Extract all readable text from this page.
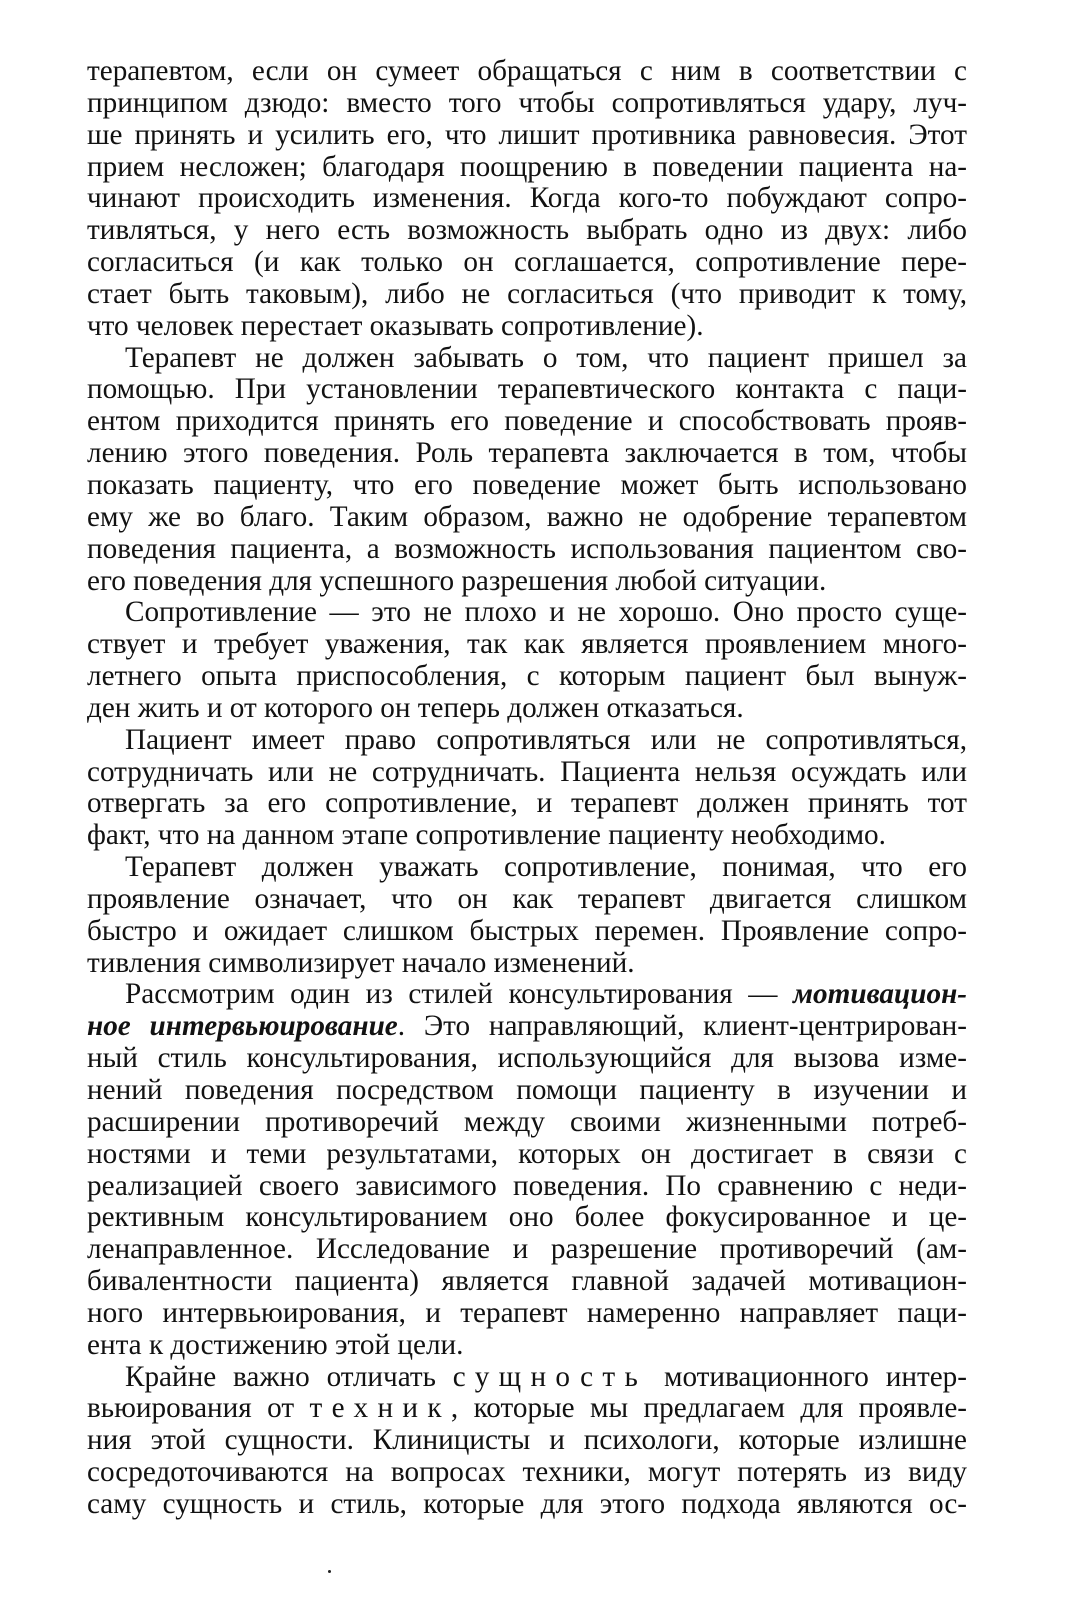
терапевтом, если он сумеет обращаться с ним в соответствии с
принципом дзюдо: вместо того чтобы сопротивляться удару, луч-
ше принять и усилить его, что лишит противника равновесия. Этот
прием несложен; благодаря поощрению в поведении пациента на-
чинают происходить изменения. Когда кого-то побуждают сопро-
тивляться, у него есть возможность выбрать одно из двух: либо
согласиться (и как только он соглашается, сопротивление пере-
стает быть таковым), либо не согласиться (что приводит к тому,
что человек перестает оказывать сопротивление).
Терапевт не должен забывать о том, что пациент пришел за
помощью. При установлении терапевтического контакта с паци-
ентом приходится принять его поведение и способствовать прояв-
лению этого поведения. Роль терапевта заключается в том, чтобы
показать пациенту, что его поведение может быть использовано
ему же во благо. Таким образом, важно не одобрение терапевтом
поведения пациента, а возможность использования пациентом сво-
его поведения для успешного разрешения любой ситуации.
Сопротивление — это не плохо и не хорошо. Оно просто суще-
ствует и требует уважения, так как является проявлением много-
летнего опыта приспособления, с которым пациент был вынуж-
ден жить и от которого он теперь должен отказаться.
Пациент имеет право сопротивляться или не сопротивляться,
сотрудничать или не сотрудничать. Пациента нельзя осуждать или
отвергать за его сопротивление, и терапевт должен принять тот
факт, что на данном этапе сопротивление пациенту необходимо.
Терапевт должен уважать сопротивление, понимая, что его
проявление означает, что он как терапевт двигается слишком
быстро и ожидает слишком быстрых перемен. Проявление сопро-
тивления символизирует начало изменений.
Рассмотрим один из стилей консультирования — мотивацион-
ное интервьюирование. Это направляющий, клиент-центрирован-
ный стиль консультирования, использующийся для вызова изме-
нений поведения посредством помощи пациенту в изучении и
расширении противоречий между своими жизненными потреб-
ностями и теми результатами, которых он достигает в связи с
реализацией своего зависимого поведения. По сравнению с неди-
рективным консультированием оно более фокусированное и це-
ленаправленное. Исследование и разрешение противоречий (ам-
бивалентности пациента) является главной задачей мотивацион-
ного интервьюирования, и терапевт намеренно направляет паци-
ента к достижению этой цели.
Крайне важно отличать сущность мотивационного интер-
вьюирования от техник, которые мы предлагаем для проявле-
ния этой сущности. Клиницисты и психологи, которые излишне
сосредоточиваются на вопросах техники, могут потерять из виду
саму сущность и стиль, которые для этого подхода являются ос-
